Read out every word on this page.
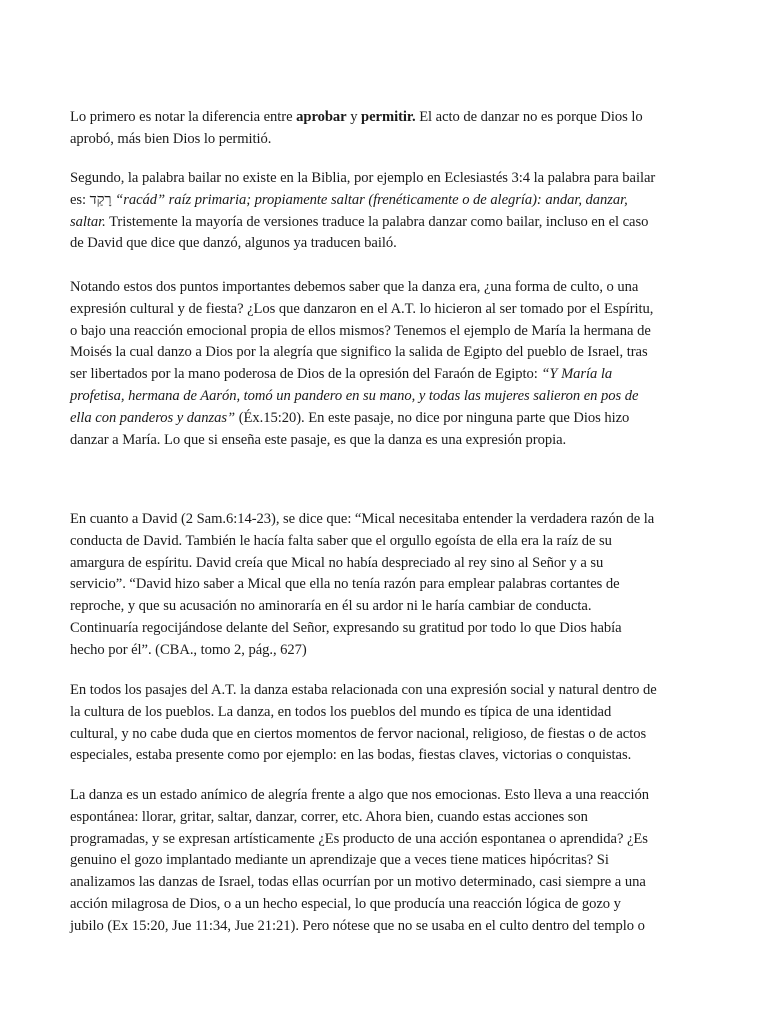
Lo primero es notar la diferencia entre aprobar y permitir. El acto de danzar no es porque Dios lo
aprobó, más bien Dios lo permitió.

Segundo, la palabra bailar no existe en la Biblia, por ejemplo en Eclesiastés 3:4 la palabra para bailar
es: רָקַד “racád” raíz primaria; propiamente saltar (frenéticamente o de alegría): andar, danzar,
saltar. Tristemente la mayoría de versiones traduce la palabra danzar como bailar, incluso en el caso
de David que dice que danzó, algunos ya traducen bailó.

Notando estos dos puntos importantes debemos saber que la danza era, ¿una forma de culto, o una
expresión cultural y de fiesta? ¿Los que danzaron en el A.T. lo hicieron al ser tomado por el Espíritu,
o bajo una reacción emocional propia de ellos mismos? Tenemos el ejemplo de María la hermana de
Moisés la cual danzo a Dios por la alegría que significo la salida de Egipto del pueblo de Israel, tras
ser libertados por la mano poderosa de Dios de la opresión del Faraón de Egipto: “Y María la
profetisa, hermana de Aarón, tomó un pandero en su mano, y todas las mujeres salieron en pos de
ella con panderos y danzas” (Éx.15:20). En este pasaje, no dice por ninguna parte que Dios hizo
danzar a María. Lo que si enseña este pasaje, es que la danza es una expresión propia.

En cuanto a David (2 Sam.6:14-23), se dice que: “Mical necesitaba entender la verdadera razón de la
conducta de David. También le hacía falta saber que el orgullo egoísta de ella era la raíz de su
amargura de espíritu. David creía que Mical no había despreciado al rey sino al Señor y a su
servicio”. “David hizo saber a Mical que ella no tenía razón para emplear palabras cortantes de
reproche, y que su acusación no aminoraría en él su ardor ni le haría cambiar de conducta.
Continuaría regocijándose delante del Señor, expresando su gratitud por todo lo que Dios había
hecho por él”. (CBA., tomo 2, pág., 627)

En todos los pasajes del A.T. la danza estaba relacionada con una expresión social y natural dentro de
la cultura de los pueblos. La danza, en todos los pueblos del mundo es típica de una identidad
cultural, y no cabe duda que en ciertos momentos de fervor nacional, religioso, de fiestas o de actos
especiales, estaba presente como por ejemplo: en las bodas, fiestas claves, victorias o conquistas.

La danza es un estado anímico de alegría frente a algo que nos emocionas. Esto lleva a una reacción
espontánea: llorar, gritar, saltar, danzar, correr, etc. Ahora bien, cuando estas acciones son
programadas, y se expresan artísticamente ¿Es producto de una acción espontanea o aprendida? ¿Es
genuino el gozo implantado mediante un aprendizaje que a veces tiene matices hipócritas? Si
analizamos las danzas de Israel, todas ellas ocurrían por un motivo determinado, casi siempre a una
acción milagrosa de Dios, o a un hecho especial, lo que producía una reacción lógica de gozo y
jubilo (Ex 15:20, Jue 11:34, Jue 21:21). Pero nótese que no se usaba en el culto dentro del templo o
